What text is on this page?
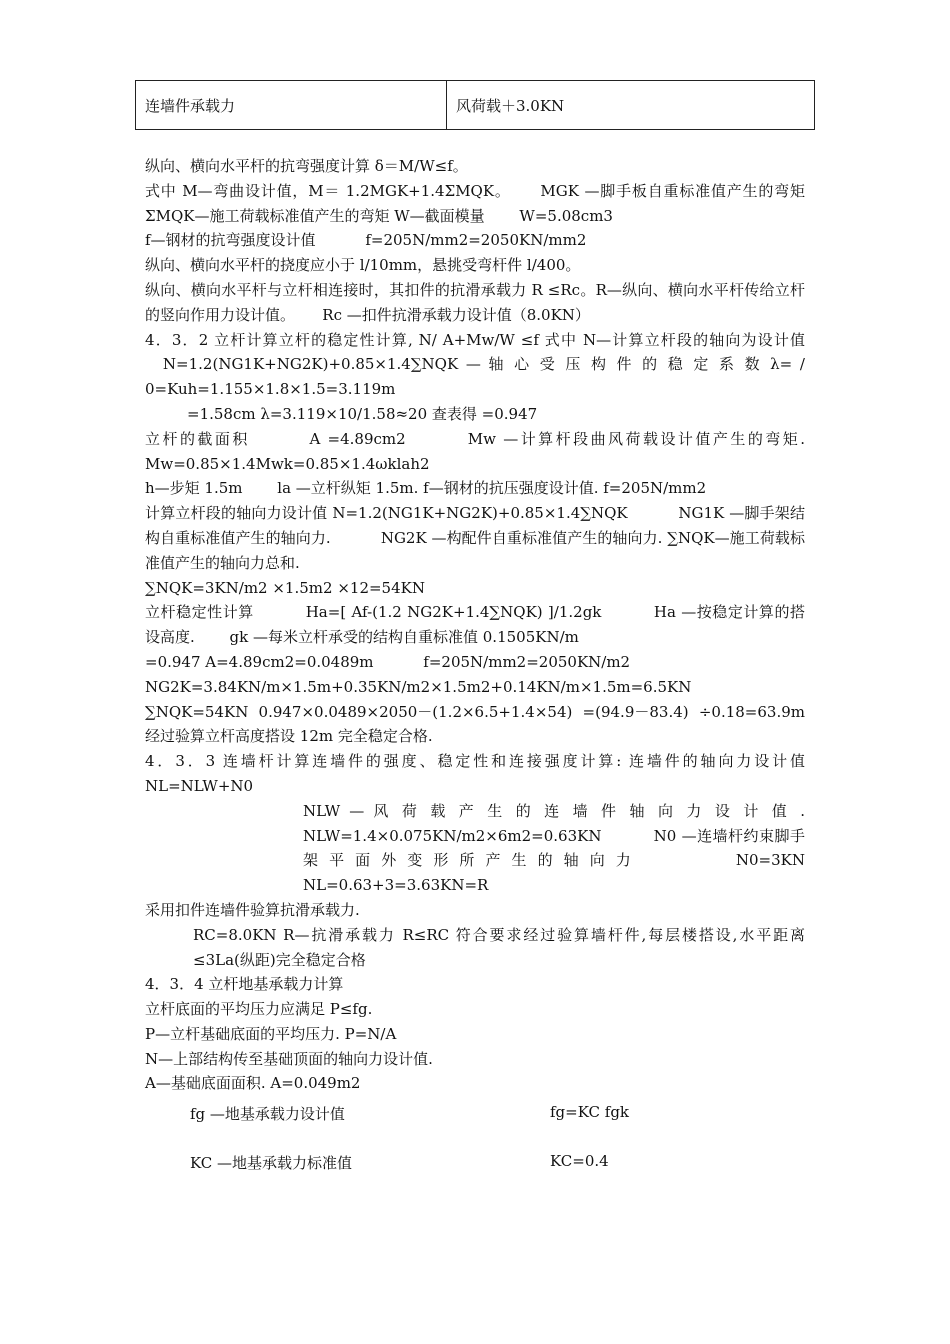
连墙件承载力	风荷载＋3.0KN

纵向、横向水平杆的抗弯强度计算 δ＝M/W≤f。

式中 M—弯曲设计值，M＝ 1.2MGK+1.4ΣMQK。　　 MGK —脚手板自重标准值产生的弯矩 ΣMQK—施工荷载标准值产生的弯矩 W—截面模量　　 W=5.08cm3

f—钢材的抗弯强度设计值　　　 f=205N/mm2=2050KN/mm2

纵向、横向水平杆的挠度应小于 l/10mm，悬挑受弯杆件 l/400。

纵向、横向水平杆与立杆相连接时，其扣件的抗滑承载力 R ≤Rc。R—纵向、横向水平杆传给立杆的竖向作用力设计值。　　 Rc —扣件抗滑承载力设计值（8.0KN）

4．3．2 立杆计算立杆的稳定性计算, N/ A+Mw/W ≤f 式中 N—计算立杆段的轴向为设计值 　N=1.2(NG1K+NG2K)+0.85×1.4∑NQK — 轴 心 受 压 构 件 的 稳 定 系 数 λ= / 0=Kuh=1.155×1.8×1.5=3.119m

=1.58cm λ=3.119×10/1.58≈20 查表得 =0.947

立杆的截面积　　　 A =4.89cm2　　　 Mw —计算杆段曲风荷载设计值产生的弯矩. Mw=0.85×1.4Mwk=0.85×1.4ωklah2

h—步矩 1.5m　　 la —立杆纵矩 1.5m. f—钢材的抗压强度设计值. f=205N/mm2

计算立杆段的轴向力设计值 N=1.2(NG1K+NG2K)+0.85×1.4∑NQK　　　 NG1K —脚手架结构自重标准值产生的轴向力.　　　 NG2K —构配件自重标准值产生的轴向力. ∑NQK—施工荷载标准值产生的轴向力总和.

∑NQK=3KN/m2 ×1.5m2 ×12=54KN

立杆稳定性计算　　　 Ha=[ Af-(1.2 NG2K+1.4∑NQK) ]/1.2gk　　　 Ha —按稳定计算的搭设高度.　　 gk —每米立杆承受的结构自重标准值 0.1505KN/m

=0.947 A=4.89cm2=0.0489m　　　 f=205N/mm2=2050KN/m2

NG2K=3.84KN/m×1.5m+0.35KN/m2×1.5m2+0.14KN/m×1.5m=6.5KN　　　　 ∑NQK=54KN 0.947×0.0489×2050－(1.2×6.5+1.4×54) =(94.9－83.4) ÷0.18=63.9m 经过验算立杆高度搭设 12m 完全稳定合格.

4．3．3 连墙杆计算连墙件的强度、稳定性和连接强度计算: 连墙件的轴向力设计值 NL=NLW+N0

NLW — 风 荷 载 产 生 的 连 墙 件 轴 向 力 设 计 值 . NLW=1.4×0.075KN/m2×6m2=0.63KN　　　 N0 —连墙杆约束脚手架平面外变形所产生的轴向力　　　 N0=3KN　　　 NL=0.63+3=3.63KN=R

采用扣件连墙件验算抗滑承载力.

RC=8.0KN R—抗滑承载力 R≤RC 符合要求经过验算墙杆件,每层楼搭设,水平距离≤3La(纵距)完全稳定合格

4．3．4 立杆地基承载力计算

立杆底面的平均压力应满足 P≤fg.

P—立杆基础底面的平均压力. P=N/A

N—上部结构传至基础顶面的轴向力设计值.

A—基础底面面积. A=0.049m2

fg —地基承载力设计值	fg=KC fgk
KC —地基承载力标准值	KC=0.4
